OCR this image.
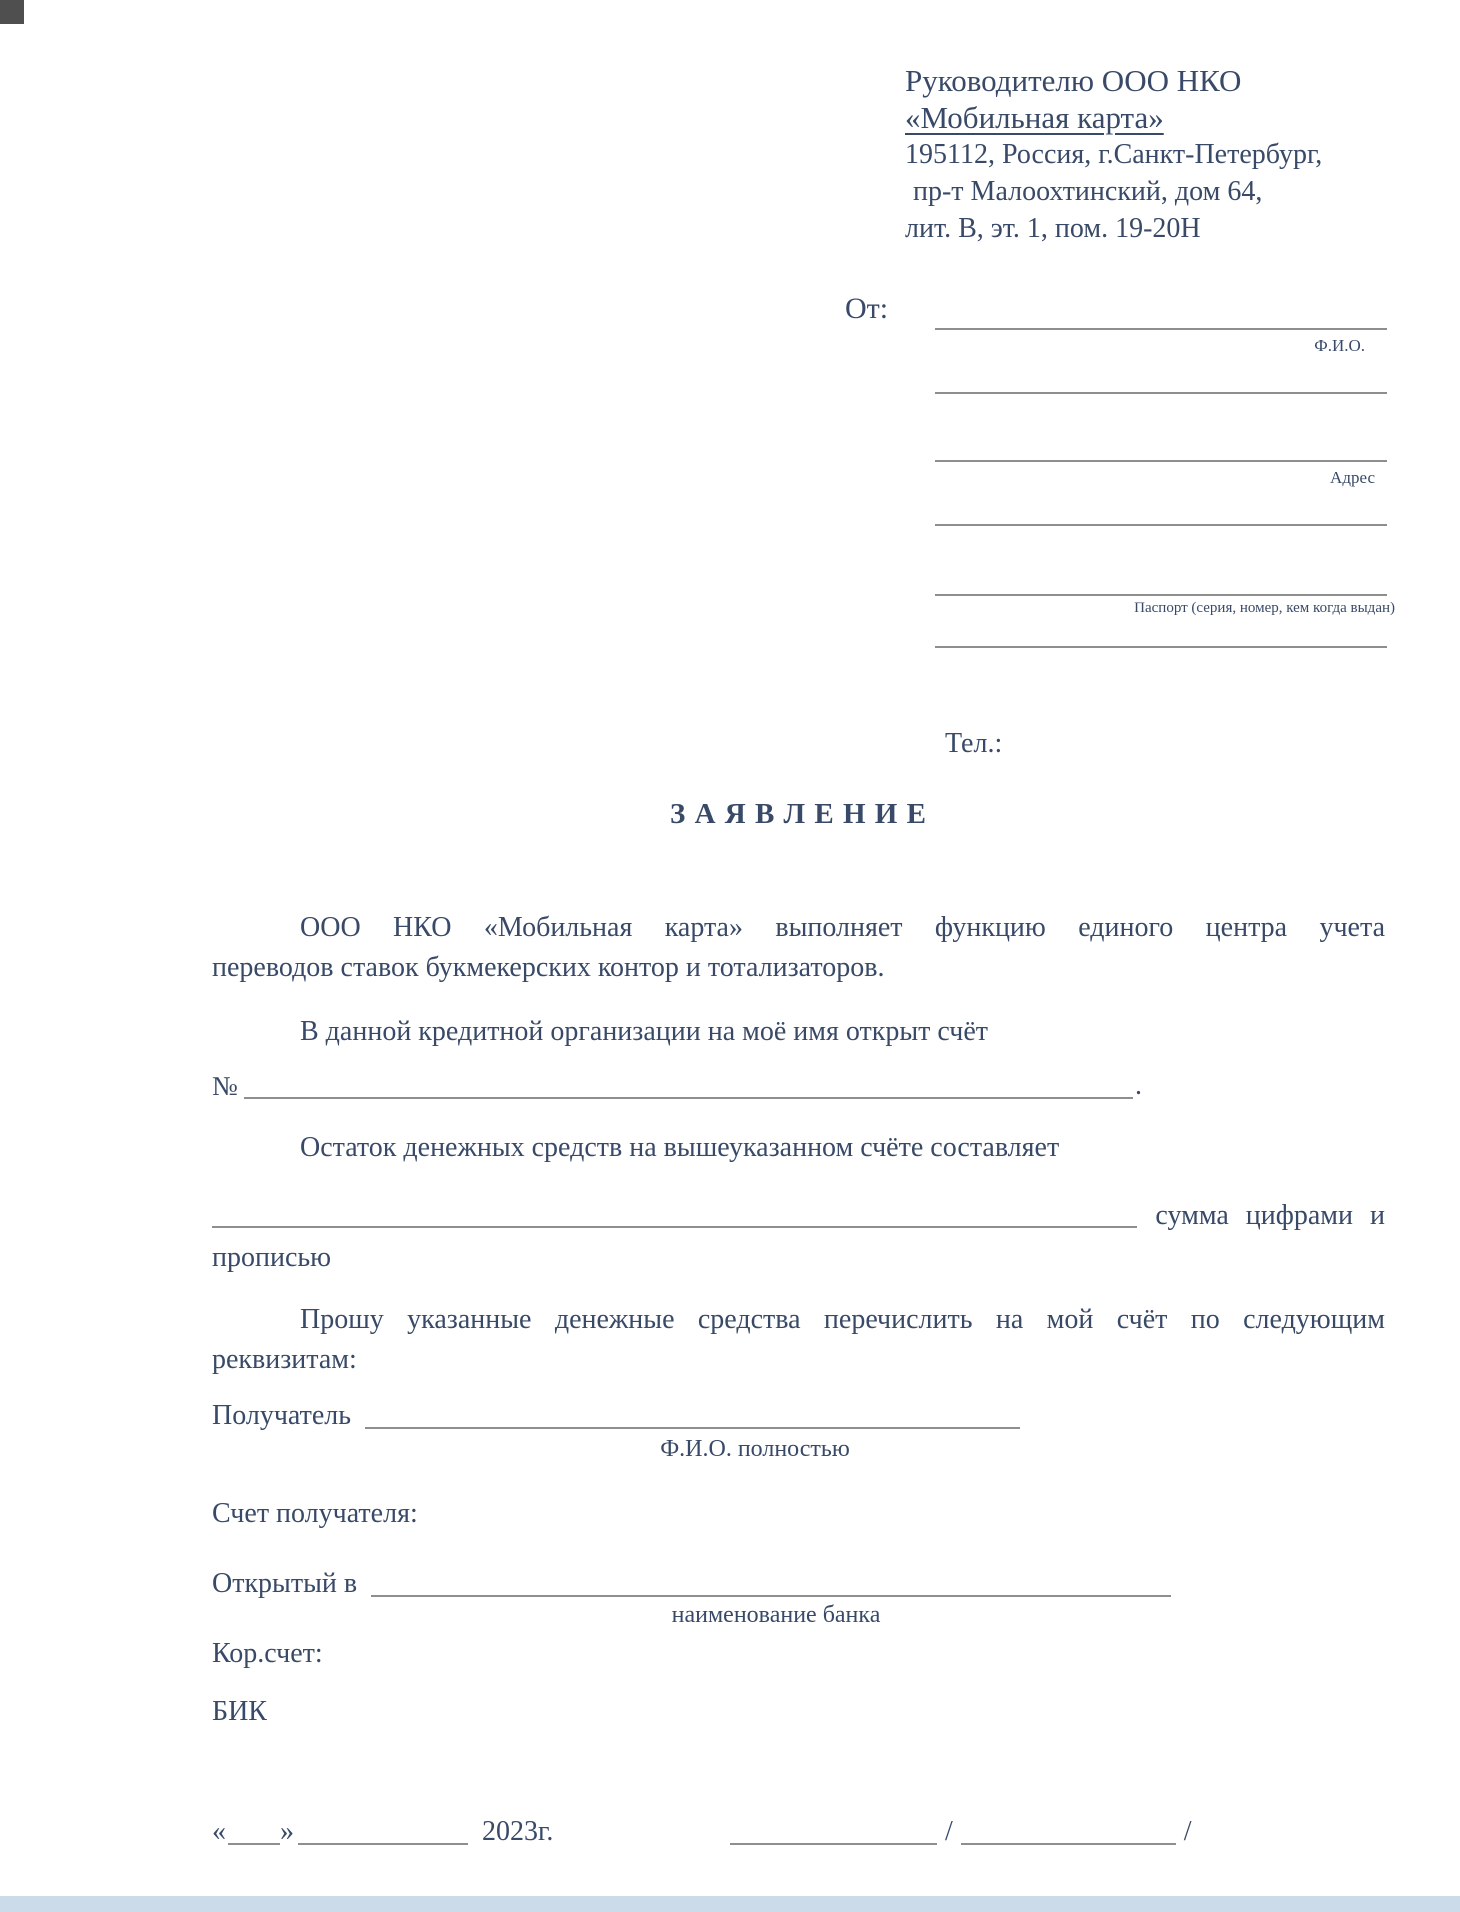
Руководителю ООО НКО
«Мобильная карта»
195112, Россия, г.Санкт-Петербург,
пр-т Малоохтинский, дом 64,
лит. В, эт. 1, пом. 19-20Н
От:
Ф.И.О.
Адрес
Паспорт (серия, номер, кем когда выдан)
Тел.:
З А Я В Л Е Н И Е
ООО НКО «Мобильная карта» выполняет функцию единого центра учета
переводов ставок букмекерских контор и тотализаторов.
В данной кредитной организации на моё имя открыт счёт
№	.
Остаток денежных средств на вышеуказанном счёте составляет
сумма цифрами и
прописью
Прошу указанные денежные средства перечислить на мой счёт по следующим
реквизитам:
Получатель
Ф.И.О. полностью
Счет получателя:
Открытый в
наименование банка
Кор.счет:
БИК
« »	2023г.	/	/
